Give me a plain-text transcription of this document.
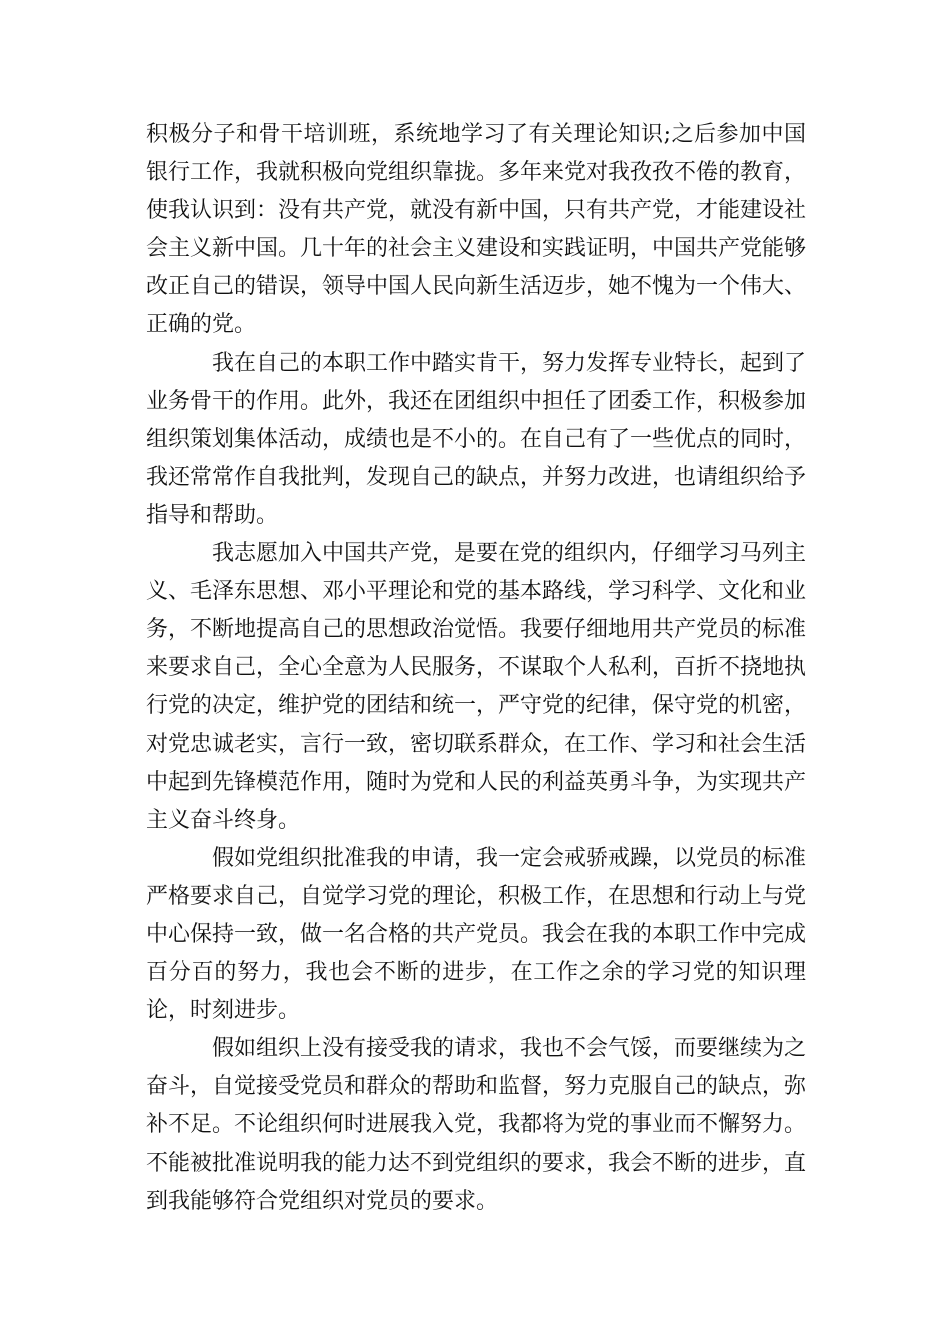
积极分子和骨干培训班，系统地学习了有关理论知识;之后参加中国银行工作，我就积极向党组织靠拢。多年来党对我孜孜不倦的教育，使我认识到：没有共产党，就没有新中国，只有共产党，才能建设社会主义新中国。几十年的社会主义建设和实践证明，中国共产党能够改正自己的错误，领导中国人民向新生活迈步，她不愧为一个伟大、正确的党。

我在自己的本职工作中踏实肯干，努力发挥专业特长，起到了业务骨干的作用。此外，我还在团组织中担任了团委工作，积极参加组织策划集体活动，成绩也是不小的。在自己有了一些优点的同时，我还常常作自我批判，发现自己的缺点，并努力改进，也请组织给予指导和帮助。

我志愿加入中国共产党，是要在党的组织内，仔细学习马列主义、毛泽东思想、邓小平理论和党的基本路线，学习科学、文化和业务，不断地提高自己的思想政治觉悟。我要仔细地用共产党员的标准来要求自己，全心全意为人民服务，不谋取个人私利，百折不挠地执行党的决定，维护党的团结和统一，严守党的纪律，保守党的机密，对党忠诚老实，言行一致，密切联系群众，在工作、学习和社会生活中起到先锋模范作用，随时为党和人民的利益英勇斗争，为实现共产主义奋斗终身。

假如党组织批准我的申请，我一定会戒骄戒躁，以党员的标准严格要求自己，自觉学习党的理论，积极工作，在思想和行动上与党中心保持一致，做一名合格的共产党员。我会在我的本职工作中完成百分百的努力，我也会不断的进步，在工作之余的学习党的知识理论，时刻进步。

假如组织上没有接受我的请求，我也不会气馁，而要继续为之奋斗，自觉接受党员和群众的帮助和监督，努力克服自己的缺点，弥补不足。不论组织何时进展我入党，我都将为党的事业而不懈努力。不能被批准说明我的能力达不到党组织的要求，我会不断的进步，直到我能够符合党组织对党员的要求。
